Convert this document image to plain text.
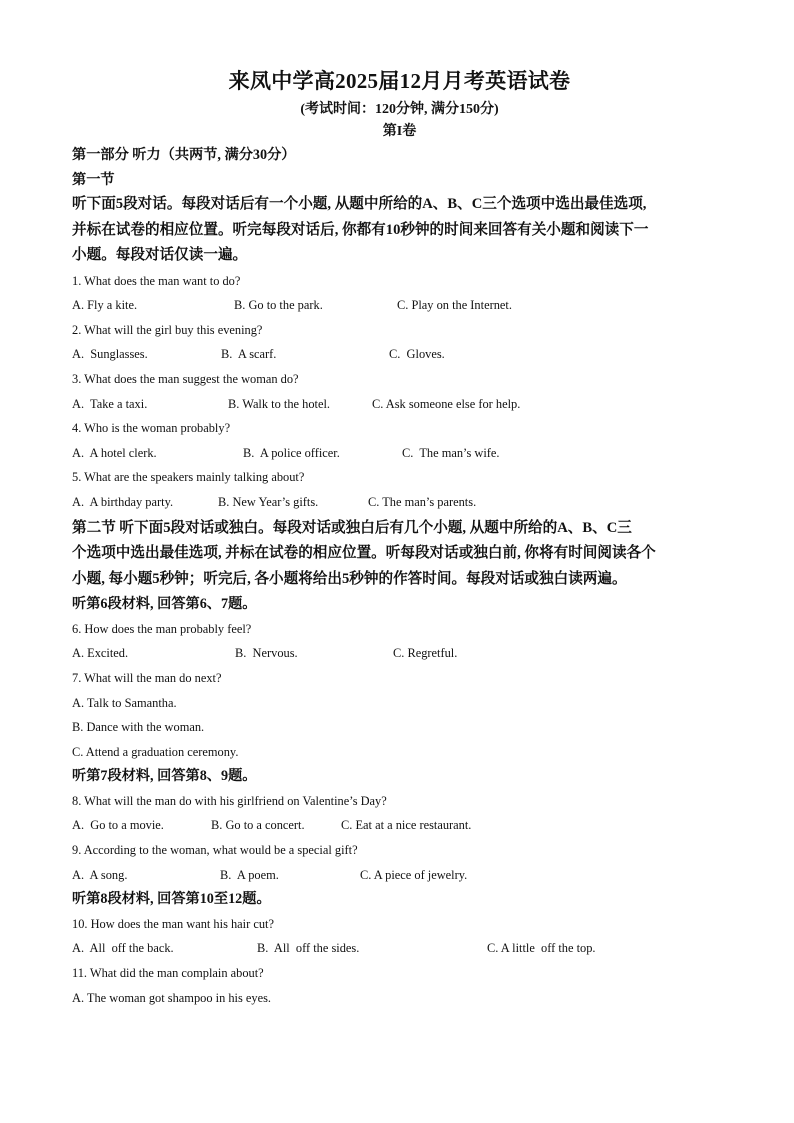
来凤中学高2025届12月月考英语试卷
(考试时间：120分钟, 满分150分)
第I卷
第一部分 听力（共两节, 满分30分）
第一节
听下面5段对话。每段对话后有一个小题, 从题中所给的A、B、C三个选项中选出最佳选项,
并标在试卷的相应位置。听完每段对话后, 你都有10秒钟的时间来回答有关小题和阅读下一
小题。每段对话仅读一遍。
1. What does the man want to do?
A. Fly a kite.	B. Go to the park.	C. Play on the Internet.
2. What will the girl buy this evening?
A.  Sunglasses.	B.  A scarf.	C.  Gloves.
3. What does the man suggest the woman do?
A.  Take a taxi.	B. Walk to the hotel.	C. Ask someone else for help.
4. Who is the woman probably?
A.  A hotel clerk.	B.  A police officer.	C.  The man’s wife.
5. What are the speakers mainly talking about?
A.  A birthday party.	B. New Year’s gifts.	C. The man’s parents.
第二节 听下面5段对话或独白。每段对话或独白后有几个小题, 从题中所给的A、B、C三
个选项中选出最佳选项, 并标在试卷的相应位置。听每段对话或独白前, 你将有时间阅读各个
小题, 每小题5秒钟；听完后, 各小题将给出5秒钟的作答时间。每段对话或独白读两遍。
听第6段材料, 回答第6、7题。
6. How does the man probably feel?
A. Excited.	B.  Nervous.	C. Regretful.
7. What will the man do next?
A. Talk to Samantha.
B. Dance with the woman.
C. Attend a graduation ceremony.
听第7段材料, 回答第8、9题。
8. What will the man do with his girlfriend on Valentine’s Day?
A.  Go to a movie.	B. Go to a concert.	C. Eat at a nice restaurant.
9. According to the woman, what would be a special gift?
A.  A song.	B.  A poem.	C. A piece of jewelry.
听第8段材料, 回答第10至12题。
10. How does the man want his hair cut?
A.  All  off the back.	B.  All  off the sides.	C. A little  off the top.
11. What did the man complain about?
A. The woman got shampoo in his eyes.
